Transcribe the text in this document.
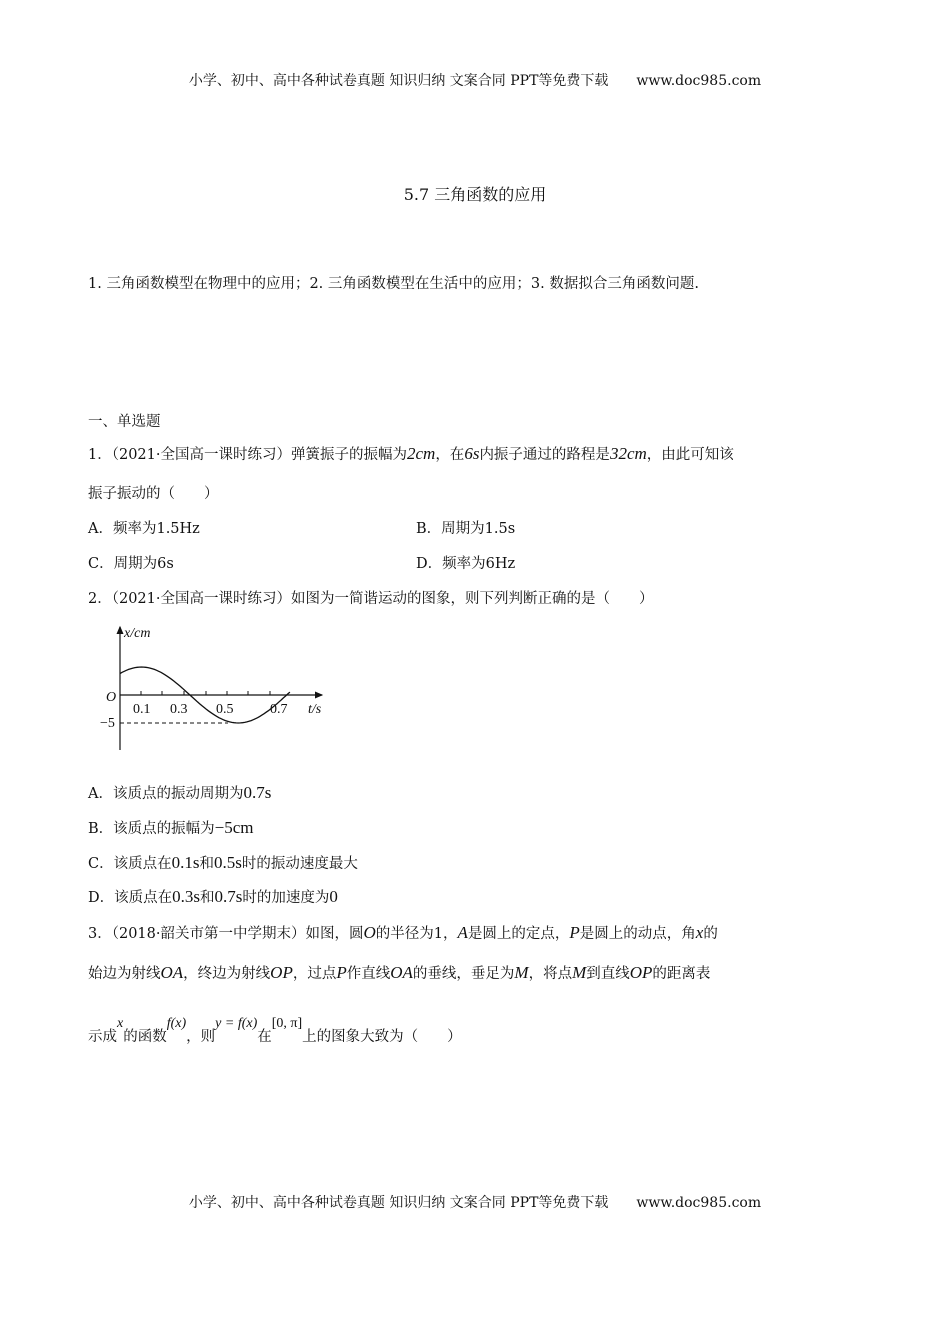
小学、初中、高中各种试卷真题 知识归纳 文案合同 PPT等免费下载 www.doc985.com
5.7 三角函数的应用
1. 三角函数模型在物理中的应用；2. 三角函数模型在生活中的应用；3. 数据拟合三角函数问题.
一、单选题
1．（2021·全国高一课时练习）弹簧振子的振幅为2cm，在6s内振子通过的路程是32cm，由此可知该
振子振动的（　　）
A．频率为1.5Hz	B．周期为1.5s
C．周期为6s	D．频率为6Hz
2．（2021·全国高一课时练习）如图为一简谐运动的图象，则下列判断正确的是（　　）
x/cm
O
−5
0.1 0.3 0.5	0.7 t/s
A．该质点的振动周期为0.7s
B．该质点的振幅为−5cm
C．该质点在0.1s和0.5s时的振动速度最大
D．该质点在0.3s和0.7s时的加速度为0
3．（2018·韶关市第一中学期末）如图，圆O的半径为1，A是圆上的定点，P是圆上的动点，角x的
始边为射线OA，终边为射线OP，过点P作直线OA的垂线，垂足为M，将点M到直线OP的距离表
示成x的函数f(x)，则y = f(x)在[0, π]上的图象大致为（　　）
小学、初中、高中各种试卷真题 知识归纳 文案合同 PPT等免费下载 www.doc985.com
